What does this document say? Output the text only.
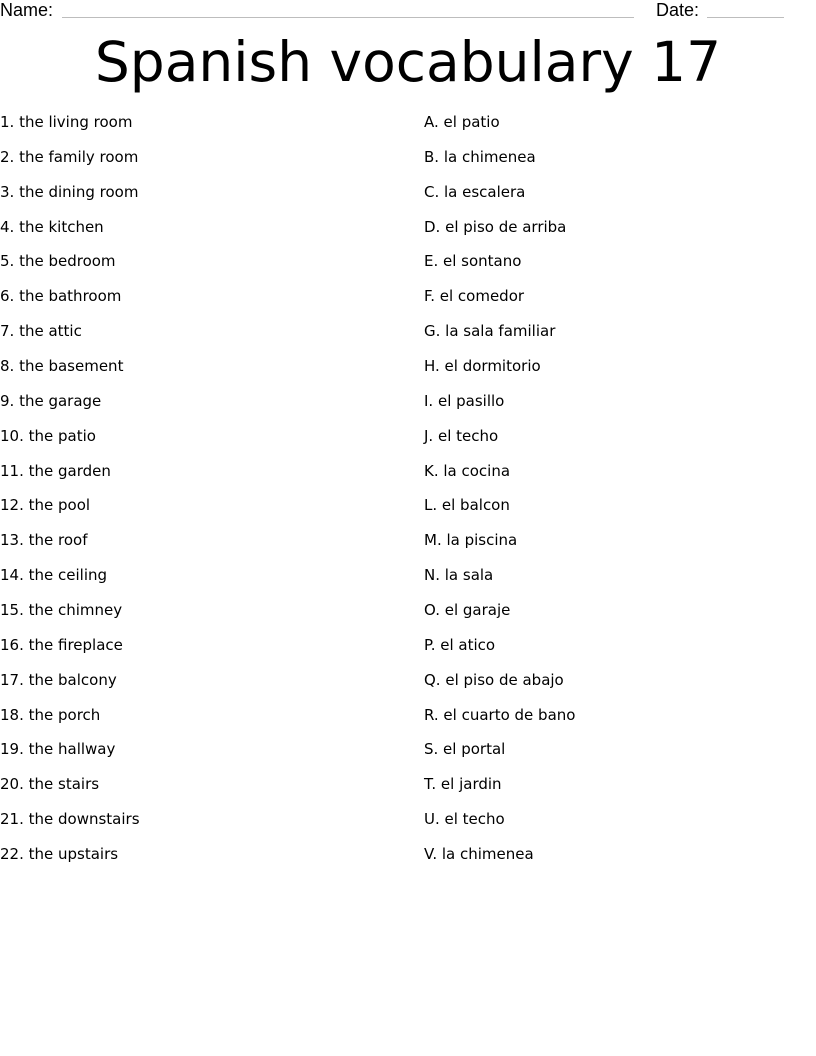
Name:	Date:
Spanish vocabulary 17
1. the living room
2. the family room
3. the dining room
4. the kitchen
5. the bedroom
6. the bathroom
7. the attic
8. the basement
9. the garage
10. the patio
11. the garden
12. the pool
13. the roof
14. the ceiling
15. the chimney
16. the fireplace
17. the balcony
18. the porch
19. the hallway
20. the stairs
21. the downstairs
22. the upstairs
A. el patio
B. la chimenea
C. la escalera
D. el piso de arriba
E. el sontano
F. el comedor
G. la sala familiar
H. el dormitorio
I. el pasillo
J. el techo
K. la cocina
L. el balcon
M. la piscina
N. la sala
O. el garaje
P. el atico
Q. el piso de abajo
R. el cuarto de bano
S. el portal
T. el jardin
U. el techo
V. la chimenea
